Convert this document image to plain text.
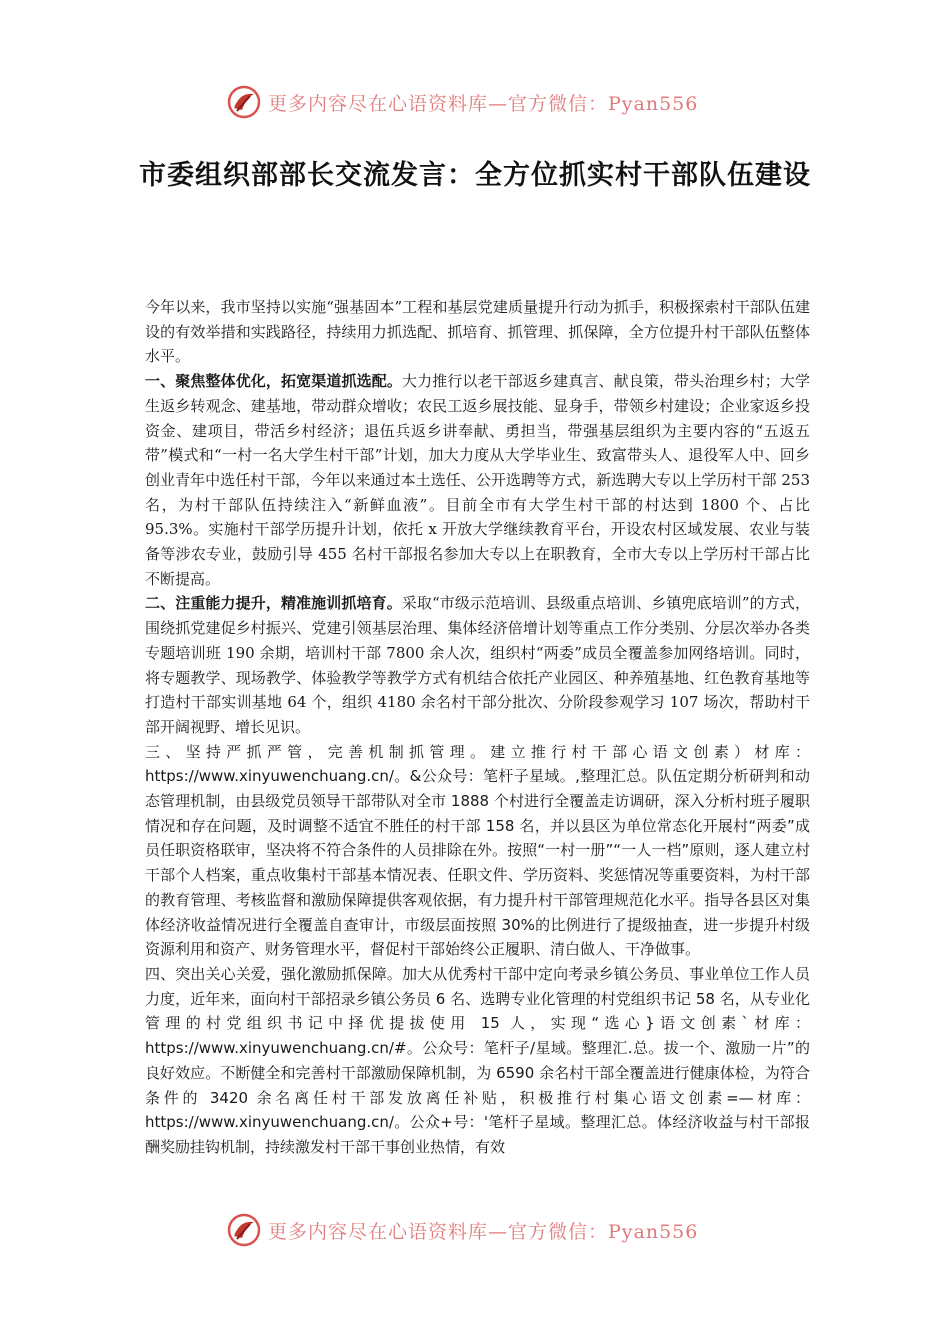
更多内容尽在心语资料库—官方微信：Pyan556
市委组织部部长交流发言：全方位抓实村干部队伍建设

今年以来，我市坚持以实施“强基固本”工程和基层党建质量提升行动为抓手，积极探索村干部队伍建设的有效举措和实践路径，持续用力抓选配、抓培育、抓管理、抓保障，全方位提升村干部队伍整体水平。

一、聚焦整体优化，拓宽渠道抓选配。大力推行以老干部返乡建真言、献良策，带头治理乡村；大学生返乡转观念、建基地，带动群众增收；农民工返乡展技能、显身手，带领乡村建设；企业家返乡投资金、建项目，带活乡村经济；退伍兵返乡讲奉献、勇担当，带强基层组织为主要内容的“五返五带”模式和“一村一名大学生村干部”计划，加大力度从大学毕业生、致富带头人、退役军人中、回乡创业青年中选任村干部，今年以来通过本土选任、公开选聘等方式，新选聘大专以上学历村干部 253 名，为村干部队伍持续注入“新鲜血液”。目前全市有大学生村干部的村达到 1800 个、占比 95.3%。实施村干部学历提升计划，依托 x 开放大学继续教育平台，开设农村区域发展、农业与装备等涉农专业，鼓励引导 455 名村干部报名参加大专以上在职教育，全市大专以上学历村干部占比不断提高。

二、注重能力提升，精准施训抓培育。采取“市级示范培训、县级重点培训、乡镇兜底培训”的方式，围绕抓党建促乡村振兴、党建引领基层治理、集体经济倍增计划等重点工作分类别、分层次举办各类专题培训班 190 余期，培训村干部 7800 余人次，组织村“两委”成员全覆盖参加网络培训。同时，将专题教学、现场教学、体验教学等教学方式有机结合依托产业园区、种养殖基地、红色教育基地等打造村干部实训基地 64 个，组织 4180 余名村干部分批次、分阶段参观学习 107 场次，帮助村干部开阔视野、增长见识。

三、坚持严抓严管，完善机制抓管理。建立推行村干部心语文创素）材库：https://www.xinyuwenchuang.cn/。&公众号：笔杆子星域。,整理汇总。队伍定期分析研判和动态管理机制，由县级党员领导干部带队对全市 1888 个村进行全覆盖走访调研，深入分析村班子履职情况和存在问题，及时调整不适宜不胜任的村干部 158 名，并以县区为单位常态化开展村“两委”成员任职资格联审，坚决将不符合条件的人员排除在外。按照“一村一册”“一人一档”原则，逐人建立村干部个人档案，重点收集村干部基本情况表、任职文件、学历资料、奖惩情况等重要资料，为村干部的教育管理、考核监督和激励保障提供客观依据，有力提升村干部管理规范化水平。指导各县区对集体经济收益情况进行全覆盖自查审计，市级层面按照 30%的比例进行了提级抽查，进一步提升村级资源利用和资产、财务管理水平，督促村干部始终公正履职、清白做人、干净做事。

四、突出关心关爱，强化激励抓保障。加大从优秀村干部中定向考录乡镇公务员、事业单位工作人员力度，近年来，面向村干部招录乡镇公务员 6 名、选聘专业化管理的村党组织书记 58 名，从专业化管理的村党组织书记中择优提拔使用 15 人，实现“选心}语文创素`材库：https://www.xinyuwenchuang.cn/#。公众号：笔杆子/星域。整理汇.总。拔一个、激励一片”的良好效应。不断健全和完善村干部激励保障机制，为 6590 余名村干部全覆盖进行健康体检，为符合条件的 3420 余名离任村干部发放离任补贴，积极推行村集心语文创素=—材库：https://www.xinyuwenchuang.cn/。公众+号：'笔杆子星域。整理汇总。体经济收益与村干部报酬奖励挂钩机制，持续激发村干部干事创业热情，有效

更多内容尽在心语资料库—官方微信：Pyan556
